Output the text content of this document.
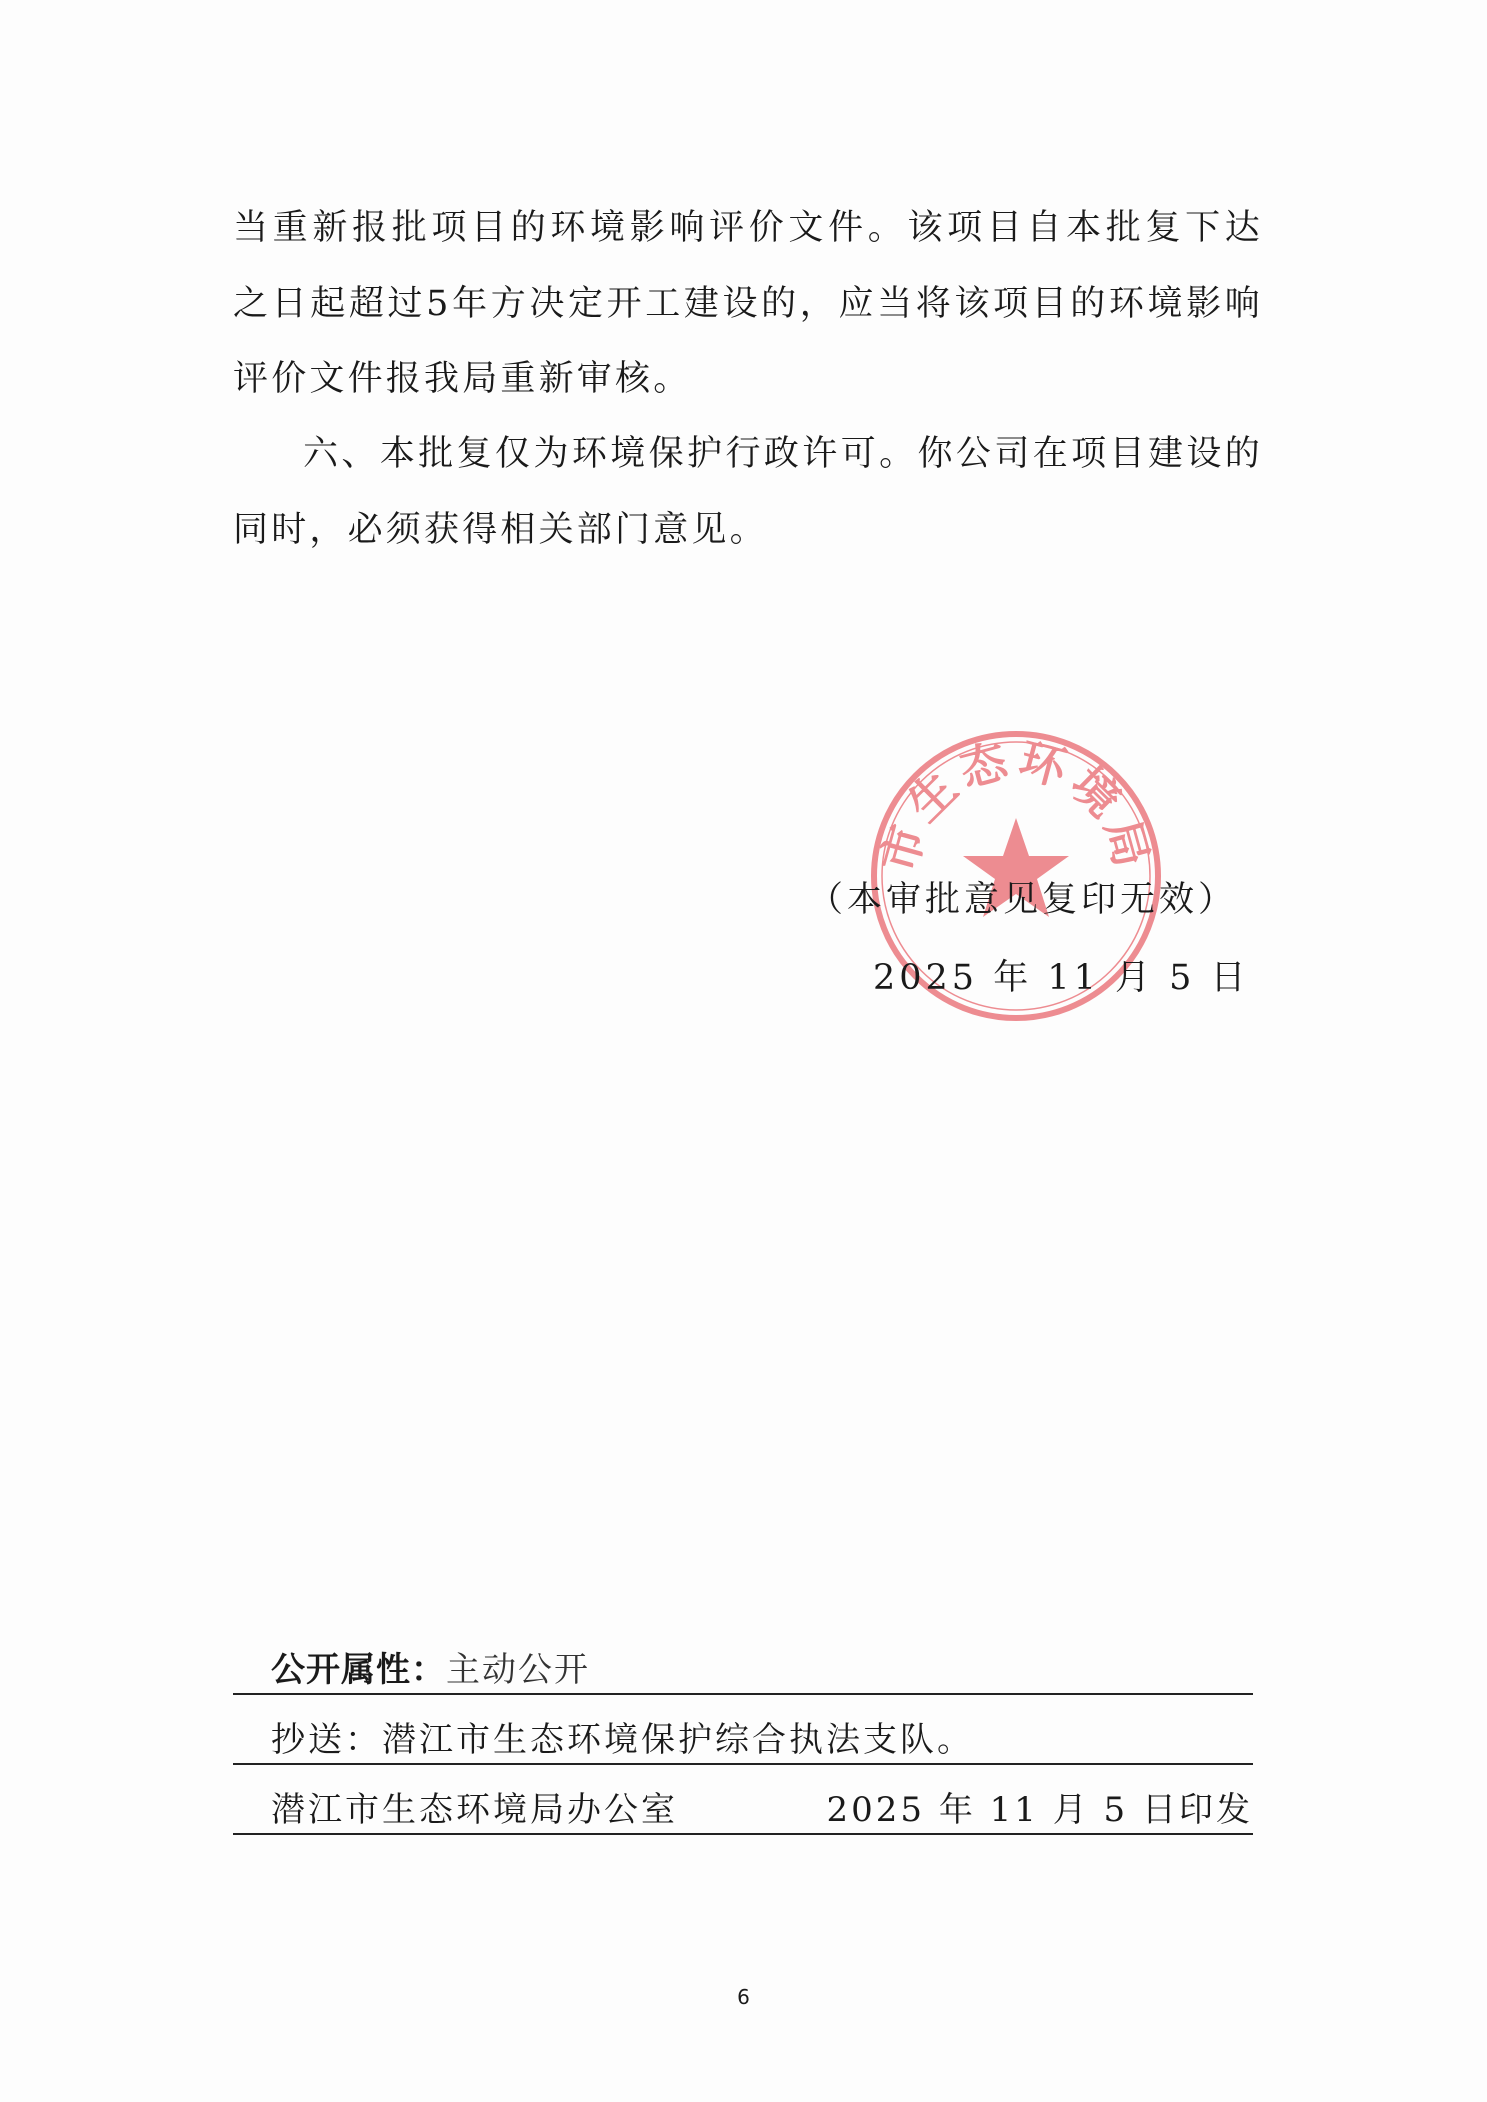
当重新报批项目的环境影响评价文件。该项目自本批复下达之日起超过5年方决定开工建设的，应当将该项目的环境影响评价文件报我局重新审核。

六、本批复仅为环境保护行政许可。你公司在项目建设的同时，必须获得相关部门意见。

市生态环境局
（本审批意见复印无效）
2025 年 11 月 5 日
公开属性：主动公开
抄送：潜江市生态环境保护综合执法支队。
潜江市生态环境局办公室	2025 年 11 月 5 日印发
6
